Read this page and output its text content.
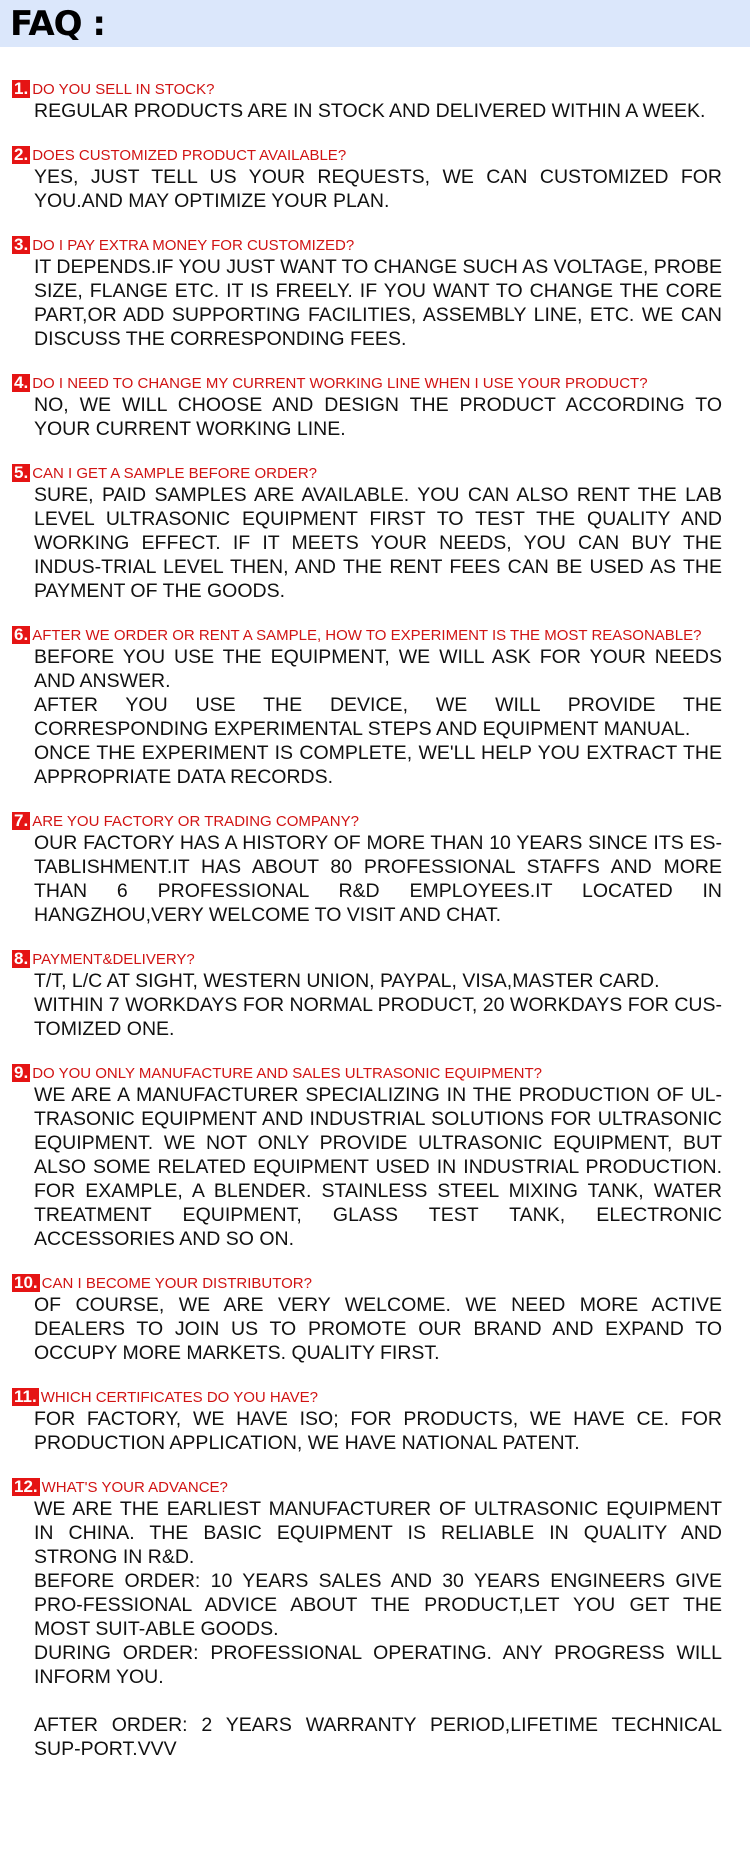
FAQ :
1. DO YOU SELL IN STOCK?
REGULAR PRODUCTS ARE IN STOCK AND DELIVERED WITHIN A WEEK.
2. DOES CUSTOMIZED PRODUCT AVAILABLE?
YES, JUST TELL US YOUR REQUESTS, WE CAN CUSTOMIZED FOR YOU.AND MAY OPTIMIZE YOUR PLAN.
3. DO I PAY EXTRA MONEY FOR CUSTOMIZED?
IT DEPENDS.IF YOU JUST WANT TO CHANGE SUCH AS VOLTAGE, PROBE SIZE, FLANGE ETC. IT IS FREELY. IF YOU WANT TO CHANGE THE CORE PART,OR ADD SUPPORTING FACILITIES, ASSEMBLY LINE, ETC. WE CAN DISCUSS THE CORRESPONDING FEES.
4. DO I NEED TO CHANGE MY CURRENT WORKING LINE WHEN I USE YOUR PRODUCT?
NO, WE WILL CHOOSE AND DESIGN THE PRODUCT ACCORDING TO YOUR CURRENT WORKING LINE.
5. CAN I GET A SAMPLE BEFORE ORDER?
SURE, PAID SAMPLES ARE AVAILABLE. YOU CAN ALSO RENT THE LAB LEVEL ULTRASONIC EQUIPMENT FIRST TO TEST THE QUALITY AND WORKING EFFECT. IF IT MEETS YOUR NEEDS, YOU CAN BUY THE INDUS-TRIAL LEVEL THEN, AND THE RENT FEES CAN BE USED AS THE PAYMENT OF THE GOODS.
6. AFTER WE ORDER OR RENT A SAMPLE, HOW TO EXPERIMENT IS THE MOST REASONABLE?
BEFORE YOU USE THE EQUIPMENT, WE WILL ASK FOR YOUR NEEDS AND ANSWER.
AFTER YOU USE THE DEVICE, WE WILL PROVIDE THE CORRESPONDING EXPERIMENTAL STEPS AND EQUIPMENT MANUAL.
ONCE THE EXPERIMENT IS COMPLETE, WE'LL HELP YOU EXTRACT THE APPROPRIATE DATA RECORDS.
7. ARE YOU FACTORY OR TRADING COMPANY?
OUR FACTORY HAS A HISTORY OF MORE THAN 10 YEARS SINCE ITS ES-TABLISHMENT.IT HAS ABOUT 80 PROFESSIONAL STAFFS AND MORE THAN 6 PROFESSIONAL R&D EMPLOYEES.IT LOCATED IN HANGZHOU,VERY WELCOME TO VISIT AND CHAT.
8. PAYMENT&DELIVERY?
T/T, L/C AT SIGHT, WESTERN UNION, PAYPAL, VISA,MASTER CARD.
WITHIN 7 WORKDAYS FOR NORMAL PRODUCT, 20 WORKDAYS FOR CUS-TOMIZED ONE.
9. DO YOU ONLY MANUFACTURE AND SALES ULTRASONIC EQUIPMENT?
WE ARE A MANUFACTURER SPECIALIZING IN THE PRODUCTION OF UL-TRASONIC EQUIPMENT AND INDUSTRIAL SOLUTIONS FOR ULTRASONIC EQUIPMENT. WE NOT ONLY PROVIDE ULTRASONIC EQUIPMENT, BUT ALSO SOME RELATED EQUIPMENT USED IN INDUSTRIAL PRODUCTION. FOR EXAMPLE, A BLENDER. STAINLESS STEEL MIXING TANK, WATER TREATMENT EQUIPMENT, GLASS TEST TANK, ELECTRONIC ACCESSORIES AND SO ON.
10. CAN I BECOME YOUR DISTRIBUTOR?
OF COURSE, WE ARE VERY WELCOME. WE NEED MORE ACTIVE DEALERS TO JOIN US TO PROMOTE OUR BRAND AND EXPAND TO OCCUPY MORE MARKETS. QUALITY FIRST.
11. WHICH CERTIFICATES DO YOU HAVE?
FOR FACTORY, WE HAVE ISO; FOR PRODUCTS, WE HAVE CE. FOR PRODUCTION APPLICATION, WE HAVE NATIONAL PATENT.
12. WHAT'S YOUR ADVANCE?
WE ARE THE EARLIEST MANUFACTURER OF ULTRASONIC EQUIPMENT IN CHINA. THE BASIC EQUIPMENT IS RELIABLE IN QUALITY AND STRONG IN R&D.
BEFORE ORDER: 10 YEARS SALES AND 30 YEARS ENGINEERS GIVE PRO-FESSIONAL ADVICE ABOUT THE PRODUCT,LET YOU GET THE MOST SUIT-ABLE GOODS.
DURING ORDER: PROFESSIONAL OPERATING. ANY PROGRESS WILL INFORM YOU.
AFTER ORDER: 2 YEARS WARRANTY PERIOD,LIFETIME TECHNICAL SUP-PORT.VVV
